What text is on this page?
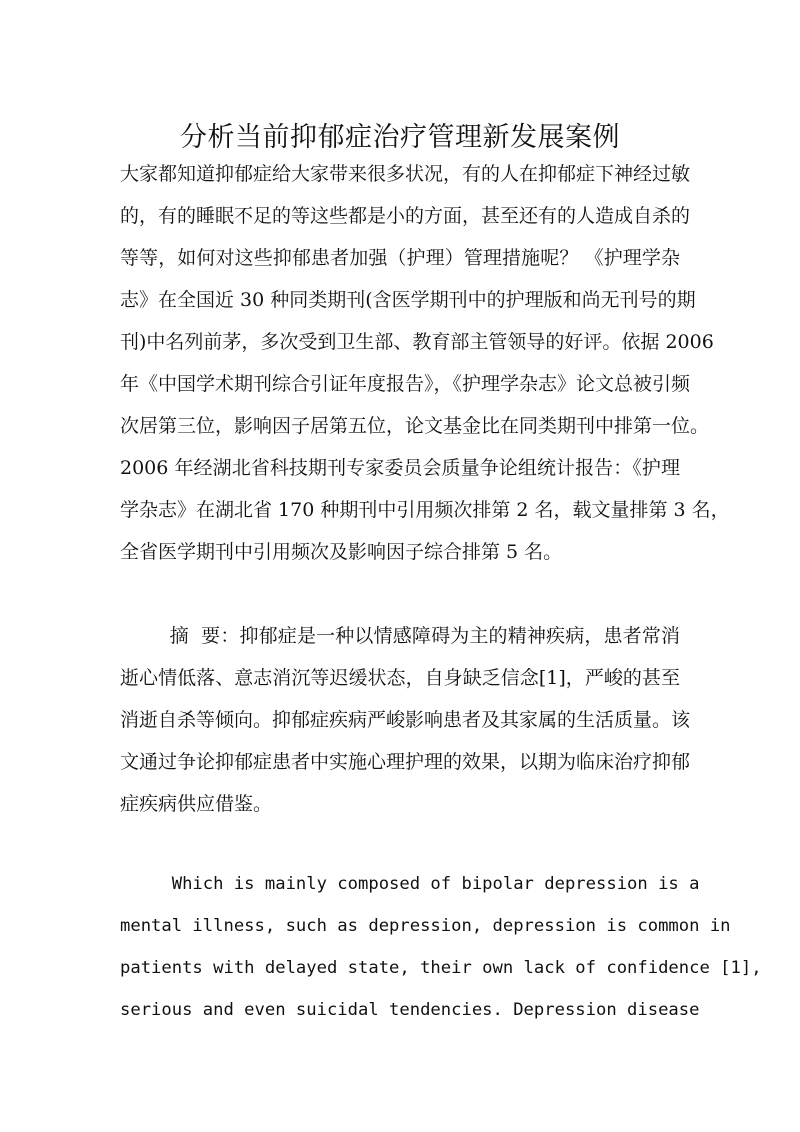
分析当前抑郁症治疗管理新发展案例
大家都知道抑郁症给大家带来很多状况，有的人在抑郁症下神经过敏
的，有的睡眠不足的等这些都是小的方面，甚至还有的人造成自杀的
等等，如何对这些抑郁患者加强（护理）管理措施呢？ 《护理学杂
志》在全国近 30 种同类期刊(含医学期刊中的护理版和尚无刊号的期
刊)中名列前茅，多次受到卫生部、教育部主管领导的好评。依据 2006
年《中国学术期刊综合引证年度报告》，《护理学杂志》论文总被引频
次居第三位，影响因子居第五位，论文基金比在同类期刊中排第一位。
2006 年经湖北省科技期刊专家委员会质量争论组统计报告：《护理
学杂志》在湖北省 170 种期刊中引用频次排第 2 名，载文量排第 3 名，
全省医学期刊中引用频次及影响因子综合排第 5 名。
摘  要：抑郁症是一种以情感障碍为主的精神疾病，患者常消
逝心情低落、意志消沉等迟缓状态，自身缺乏信念[1]，严峻的甚至
消逝自杀等倾向。抑郁症疾病严峻影响患者及其家属的生活质量。该
文通过争论抑郁症患者中实施心理护理的效果，以期为临床治疗抑郁
症疾病供应借鉴。
Which is mainly composed of bipolar depression is a
mental illness, such as depression, depression is common in
patients with delayed state, their own lack of confidence [1],
serious and even suicidal tendencies. Depression disease
